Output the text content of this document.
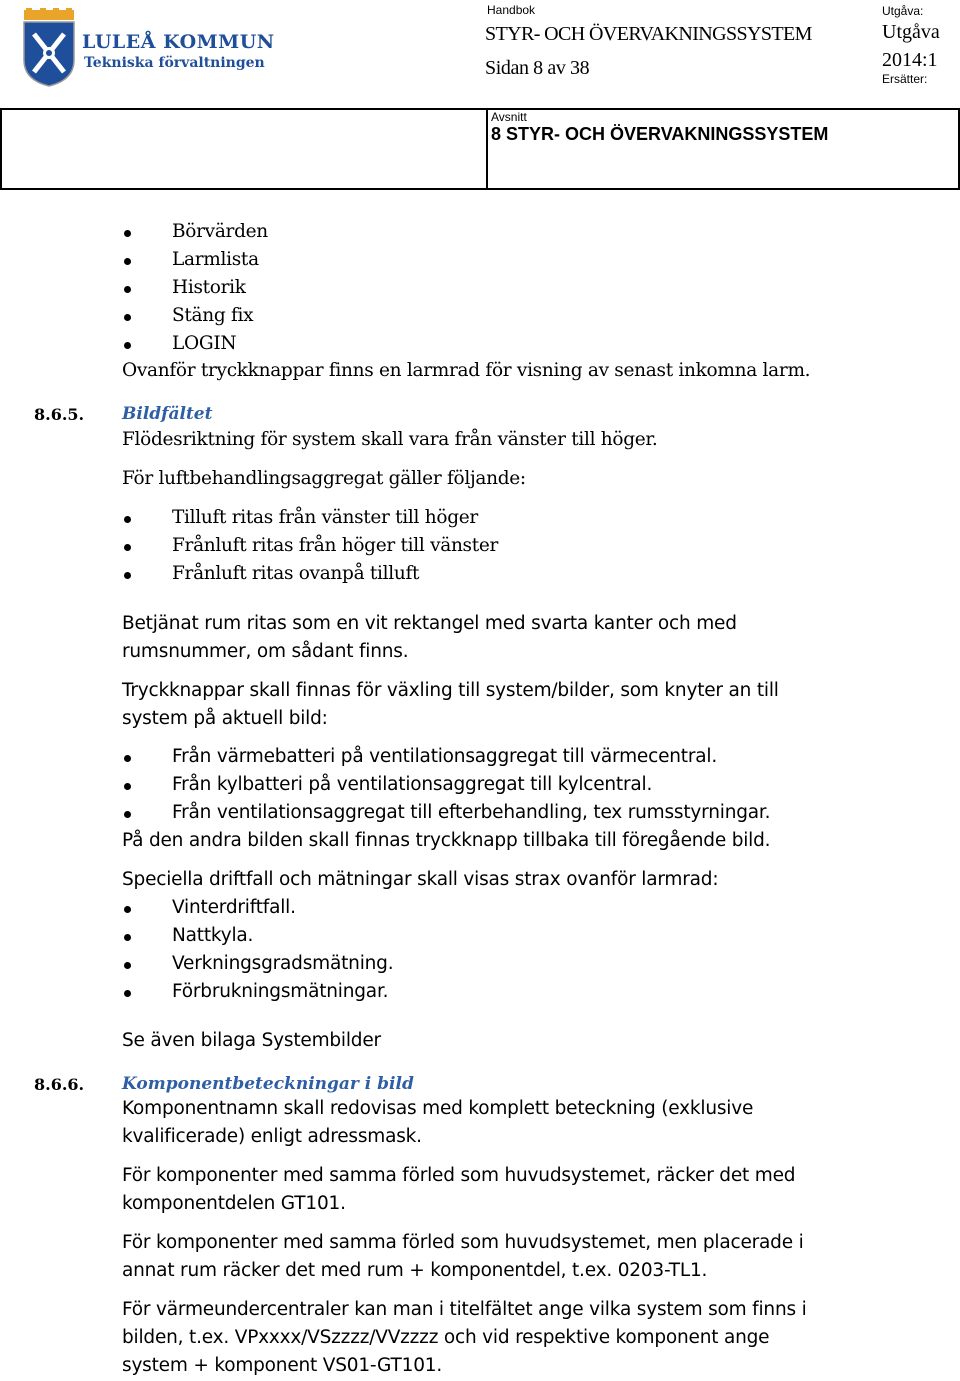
LULEÅ KOMMUN
Tekniska förvaltningen
Handbok
STYR- OCH ÖVERVAKNINGSSYSTEM
Sidan 8 av 38
Utgåva:
Utgåva
2014:1
Ersätter:
Avsnitt
8 STYR- OCH ÖVERVAKNINGSSYSTEM
Börvärden
Larmlista
Historik
Stäng fix
LOGIN
Ovanför tryckknappar finns en larmrad för visning av senast inkomna larm.
8.6.5. Bildfältet
Flödesriktning för system skall vara från vänster till höger.
För luftbehandlingsaggregat gäller följande:
Tilluft ritas från vänster till höger
Frånluft ritas från höger till vänster
Frånluft ritas ovanpå tilluft
Betjänat rum ritas som en vit rektangel med svarta kanter och med
rumsnummer, om sådant finns.
Tryckknappar skall finnas för växling till system/bilder, som knyter an till
system på aktuell bild:
Från värmebatteri på ventilationsaggregat till värmecentral.
Från kylbatteri på ventilationsaggregat till kylcentral.
Från ventilationsaggregat till efterbehandling, tex rumsstyrningar.
På den andra bilden skall finnas tryckknapp tillbaka till föregående bild.
Speciella driftfall och mätningar skall visas strax ovanför larmrad:
Vinterdriftfall.
Nattkyla.
Verkningsgradsmätning.
Förbrukningsmätningar.
Se även bilaga Systembilder
8.6.6. Komponentbeteckningar i bild
Komponentnamn skall redovisas med komplett beteckning (exklusive
kvalificerade) enligt adressmask.
För komponenter med samma förled som huvudsystemet, räcker det med
komponentdelen GT101.
För komponenter med samma förled som huvudsystemet, men placerade i
annat rum räcker det med rum + komponentdel, t.ex. 0203-TL1.
För värmeundercentraler kan man i titelfältet ange vilka system som finns i
bilden, t.ex. VPxxxx/VSzzzz/VVzzzz och vid respektive komponent ange
system + komponent VS01-GT101.
